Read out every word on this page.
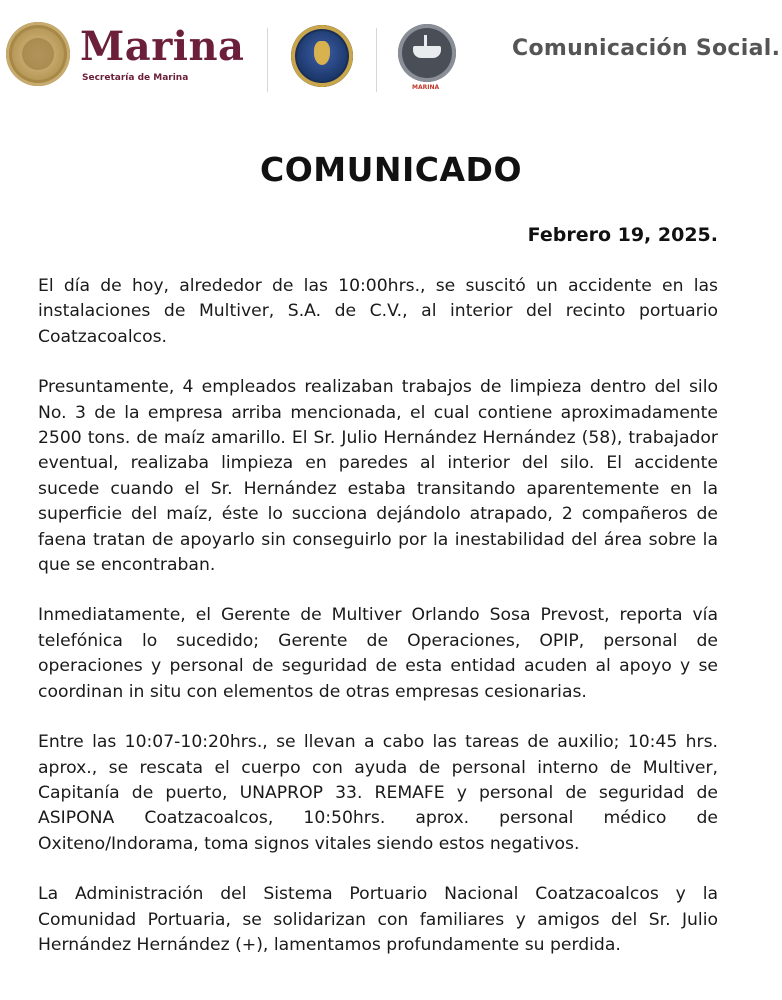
Marina
Secretaría de Marina
MARINA
Comunicación Social.
COMUNICADO
Febrero 19, 2025.

El día de hoy, alrededor de las 10:00hrs., se suscitó un accidente en las instalaciones de Multiver, S.A. de C.V., al interior del recinto portuario Coatzacoalcos.

Presuntamente, 4 empleados realizaban trabajos de limpieza dentro del silo No. 3 de la empresa arriba mencionada, el cual contiene aproximadamente 2500 tons. de maíz amarillo. El Sr. Julio Hernández Hernández (58), trabajador eventual, realizaba limpieza en paredes al interior del silo. El accidente sucede cuando el Sr. Hernández estaba transitando aparentemente en la superficie del maíz, éste lo succiona dejándolo atrapado, 2 compañeros de faena tratan de apoyarlo sin conseguirlo por la inestabilidad del área sobre la que se encontraban.

Inmediatamente, el Gerente de Multiver Orlando Sosa Prevost, reporta vía telefónica lo sucedido; Gerente de Operaciones, OPIP, personal de operaciones y personal de seguridad de esta entidad acuden al apoyo y se coordinan in situ con elementos de otras empresas cesionarias.

Entre las 10:07-10:20hrs., se llevan a cabo las tareas de auxilio; 10:45 hrs. aprox., se rescata el cuerpo con ayuda de personal interno de Multiver, Capitanía de puerto, UNAPROP 33. REMAFE y personal de seguridad de ASIPONA Coatzacoalcos, 10:50hrs. aprox. personal médico de Oxiteno/Indorama, toma signos vitales siendo estos negativos.

La Administración del Sistema Portuario Nacional Coatzacoalcos y la Comunidad Portuaria, se solidarizan con familiares y amigos del Sr. Julio Hernández Hernández (+), lamentamos profundamente su perdida.
